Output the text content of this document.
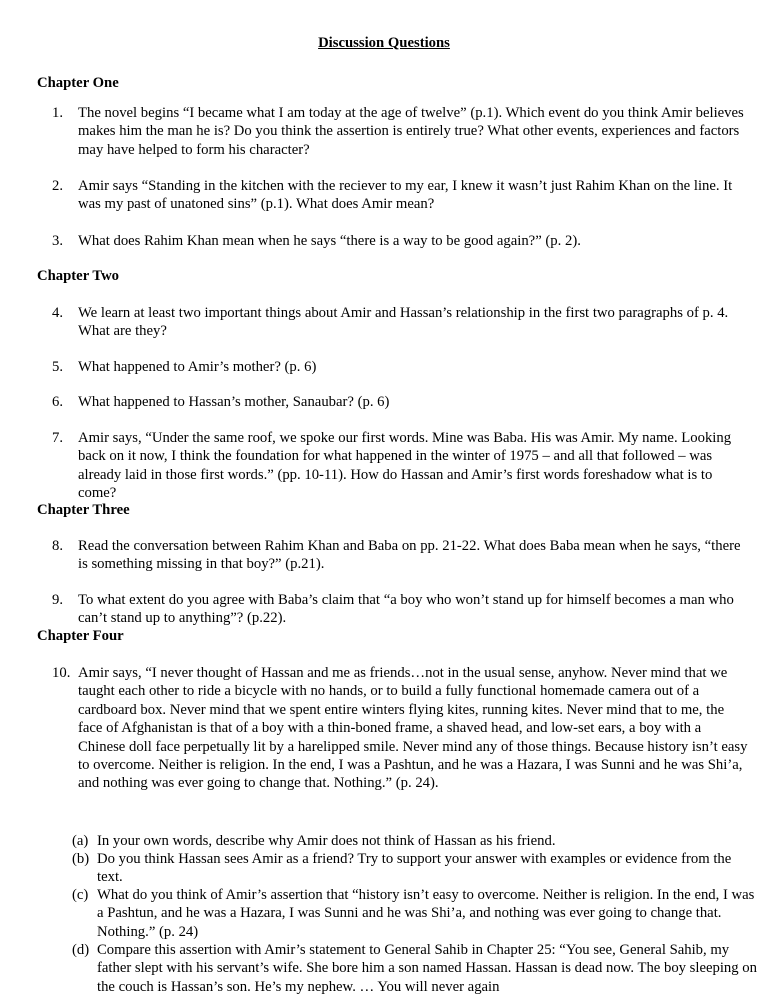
Discussion Questions

Chapter One

1. The novel begins “I became what I am today at the age of twelve” (p.1). Which event do you think Amir believes makes him the man he is? Do you think the assertion is entirely true? What other events, experiences and factors may have helped to form his character?
2. Amir says “Standing in the kitchen with the reciever to my ear, I knew it wasn’t just Rahim Khan on the line. It was my past of unatoned sins” (p.1). What does Amir mean?
3. What does Rahim Khan mean when he says “there is a way to be good again?” (p. 2).

Chapter Two

4. We learn at least two important things about Amir and Hassan’s relationship in the first two paragraphs of p. 4. What are they?
5. What happened to Amir’s mother? (p. 6)
6. What happened to Hassan’s mother, Sanaubar? (p. 6)
7. Amir says, “Under the same roof, we spoke our first words. Mine was Baba. His was Amir. My name. Looking back on it now, I think the foundation for what happened in the winter of 1975 – and all that followed – was already laid in those first words.” (pp. 10-11). How do Hassan and Amir’s first words foreshadow what is to come?

Chapter Three

8. Read the conversation between Rahim Khan and Baba on pp. 21-22. What does Baba mean when he says, “there is something missing in that boy?” (p.21).
9. To what extent do you agree with Baba’s claim that “a boy who won’t stand up for himself becomes a man who can’t stand up to anything”? (p.22).

Chapter Four

10. Amir says, “I never thought of Hassan and me as friends…not in the usual sense, anyhow. Never mind that we taught each other to ride a bicycle with no hands, or to build a fully functional homemade camera out of a cardboard box. Never mind that we spent entire winters flying kites, running kites. Never mind that to me, the face of Afghanistan is that of a boy with a thin-boned frame, a shaved head, and low-set ears, a boy with a Chinese doll face perpetually lit by a harelipped smile. Never mind any of those things. Because history isn’t easy to overcome. Neither is religion. In the end, I was a Pashtun, and he was a Hazara, I was Sunni and he was Shi’a, and nothing was ever going to change that. Nothing.” (p. 24).
(a) In your own words, describe why Amir does not think of Hassan as his friend.
(b) Do you think Hassan sees Amir as a friend? Try to support your answer with examples or evidence from the text.
(c) What do you think of Amir’s assertion that “history isn’t easy to overcome. Neither is religion. In the end, I was a Pashtun, and he was a Hazara, I was Sunni and he was Shi’a, and nothing was ever going to change that. Nothing.” (p. 24)
(d) Compare this assertion with Amir’s statement to General Sahib in Chapter 25: “You see, General Sahib, my father slept with his servant’s wife. She bore him a son named Hassan. Hassan is dead now. The boy sleeping on the couch is Hassan’s son. He’s my nephew. … You will never again
